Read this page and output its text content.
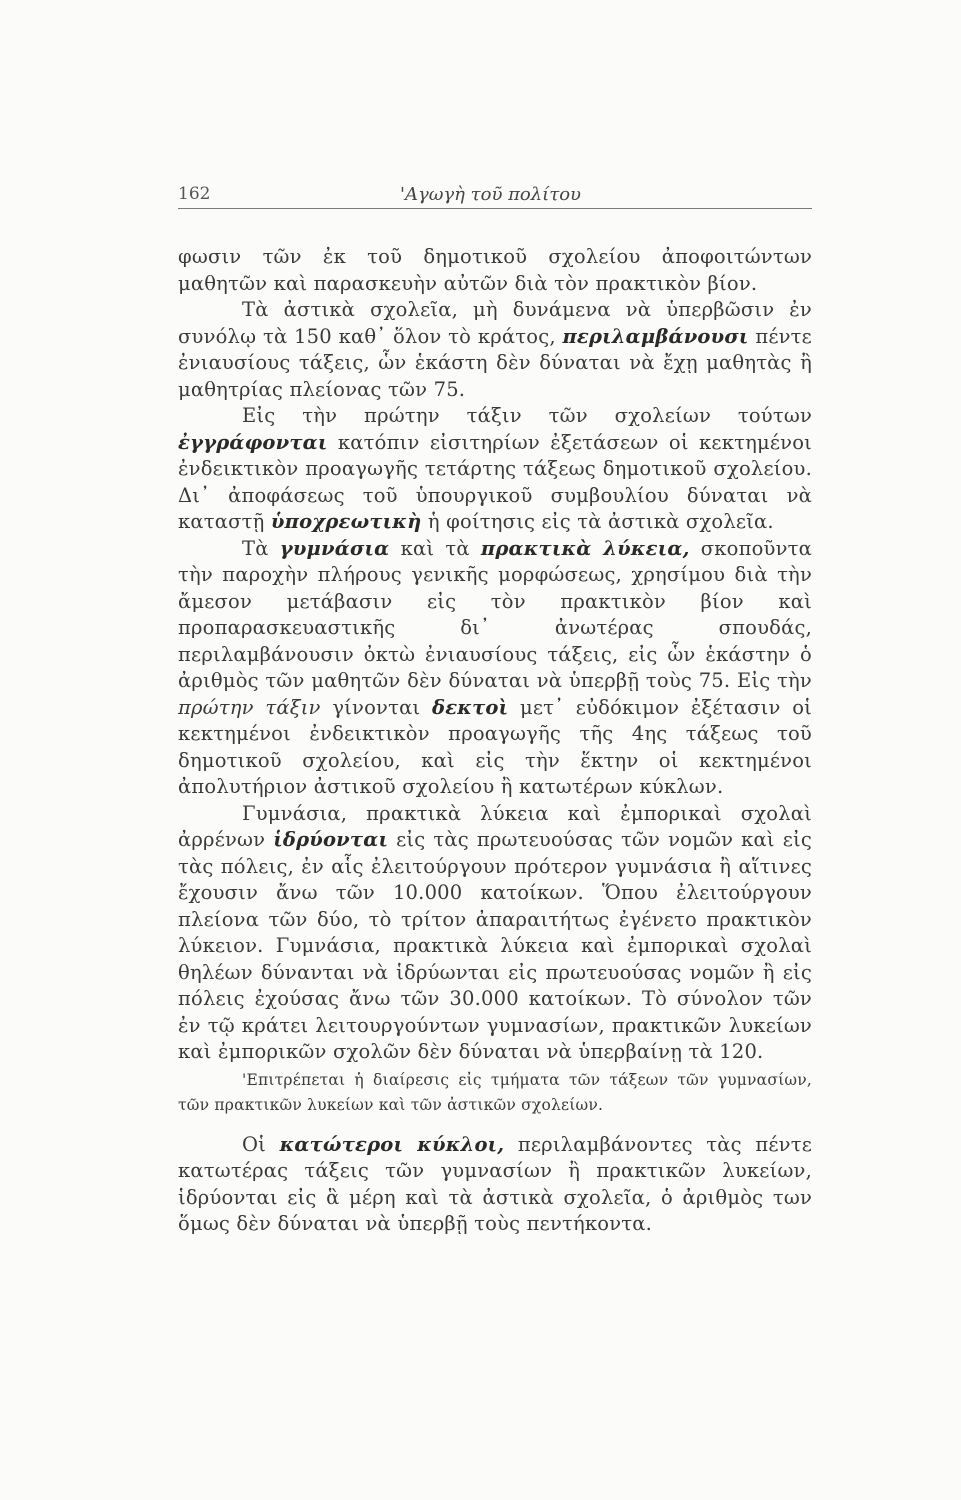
162	'Αγωγὴ τοῦ πολίτου

φωσιν τῶν ἐκ τοῦ δημοτικοῦ σχολείου ἀποφοιτώντων μαθητῶν καὶ παρασκευὴν αὐτῶν διὰ τὸν πρακτικὸν βίον.

Τὰ ἀστικὰ σχολεῖα, μὴ δυνάμενα νὰ ὑπερβῶσιν ἐν συνόλῳ τὰ 150 καθ᾽ ὅλον τὸ κράτος, περιλαμβάνουσι πέντε ἐνιαυσίους τάξεις, ὧν ἑκάστη δὲν δύναται νὰ ἔχῃ μαθητὰς ἢ μαθητρίας πλείονας τῶν 75.

Εἰς τὴν πρώτην τάξιν τῶν σχολείων τούτων ἐγγράφονται κατόπιν εἰσιτηρίων ἐξετάσεων οἱ κεκτημένοι ἐνδεικτικὸν προαγωγῆς τετάρτης τάξεως δημοτικοῦ σχολείου. Δι᾽ ἀποφάσεως τοῦ ὑπουργικοῦ συμβουλίου δύναται νὰ καταστῇ ὑποχρεωτικὴ ἡ φοίτησις εἰς τὰ ἀστικὰ σχολεῖα.

Τὰ γυμνάσια καὶ τὰ πρακτικὰ λύκεια, σκοποῦντα τὴν παροχὴν πλήρους γενικῆς μορφώσεως, χρησίμου διὰ τὴν ἄμεσον μετάβασιν εἰς τὸν πρακτικὸν βίον καὶ προπαρασκευαστικῆς δι᾽ ἀνωτέρας σπουδάς, περιλαμβάνουσιν ὀκτὼ ἐνιαυσίους τάξεις, εἰς ὧν ἑκάστην ὁ ἀριθμὸς τῶν μαθητῶν δὲν δύναται νὰ ὑπερβῇ τοὺς 75. Εἰς τὴν πρώτην τάξιν γίνονται δεκτοὶ μετ᾽ εὐδόκιμον ἐξέτασιν οἱ κεκτημένοι ἐνδεικτικὸν προαγωγῆς τῆς 4ης τάξεως τοῦ δημοτικοῦ σχολείου, καὶ εἰς τὴν ἕκτην οἱ κεκτημένοι ἀπολυτήριον ἀστικοῦ σχολείου ἢ κατωτέρων κύκλων.

Γυμνάσια, πρακτικὰ λύκεια καὶ ἐμπορικαὶ σχολαὶ ἀρρένων ἱδρύονται εἰς τὰς πρωτευούσας τῶν νομῶν καὶ εἰς τὰς πόλεις, ἐν αἷς ἐλειτούργουν πρότερον γυμνάσια ἢ αἵτινες ἔχουσιν ἄνω τῶν 10.000 κατοίκων. Ὅπου ἐλειτούργουν πλείονα τῶν δύο, τὸ τρίτον ἀπαραιτήτως ἐγένετο πρακτικὸν λύκειον. Γυμνάσια, πρακτικὰ λύκεια καὶ ἐμπορικαὶ σχολαὶ θηλέων δύνανται νὰ ἱδρύωνται εἰς πρωτευούσας νομῶν ἢ εἰς πόλεις ἐχούσας ἄνω τῶν 30.000 κατοίκων. Τὸ σύνολον τῶν ἐν τῷ κράτει λειτουργούντων γυμνασίων, πρακτικῶν λυκείων καὶ ἐμπορικῶν σχολῶν δὲν δύναται νὰ ὑπερβαίνῃ τὰ 120.

'Επιτρέπεται ἡ διαίρεσις εἰς τμήματα τῶν τάξεων τῶν γυμνασίων, τῶν πρακτικῶν λυκείων καὶ τῶν ἀστικῶν σχολείων.

Οἱ κατώτεροι κύκλοι, περιλαμβάνοντες τὰς πέντε κατωτέρας τάξεις τῶν γυμνασίων ἢ πρακτικῶν λυκείων, ἱδρύονται εἰς ἃ μέρη καὶ τὰ ἀστικὰ σχολεῖα, ὁ ἀριθμὸς των ὅμως δὲν δύναται νὰ ὑπερβῇ τοὺς πεντήκοντα.
